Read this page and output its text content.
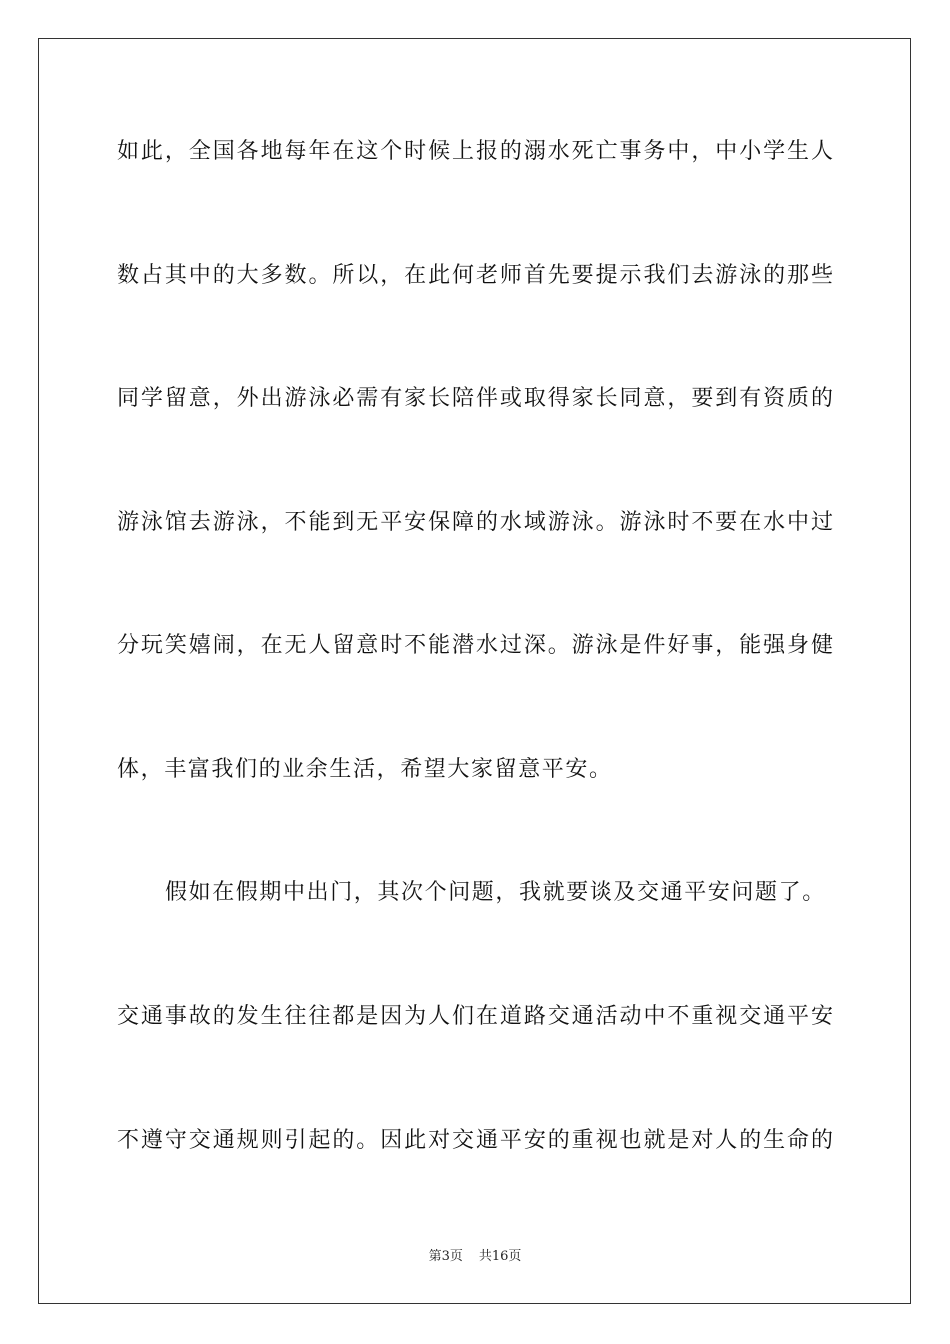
如此，全国各地每年在这个时候上报的溺水死亡事务中，中小学生人
数占其中的大多数。所以，在此何老师首先要提示我们去游泳的那些
同学留意，外出游泳必需有家长陪伴或取得家长同意，要到有资质的
游泳馆去游泳，不能到无平安保障的水域游泳。游泳时不要在水中过
分玩笑嬉闹，在无人留意时不能潜水过深。游泳是件好事，能强身健
体，丰富我们的业余生活，希望大家留意平安。
假如在假期中出门，其次个问题，我就要谈及交通平安问题了。
交通事故的发生往往都是因为人们在道路交通活动中不重视交通平安
不遵守交通规则引起的。因此对交通平安的重视也就是对人的生命的
第3页 共16页
